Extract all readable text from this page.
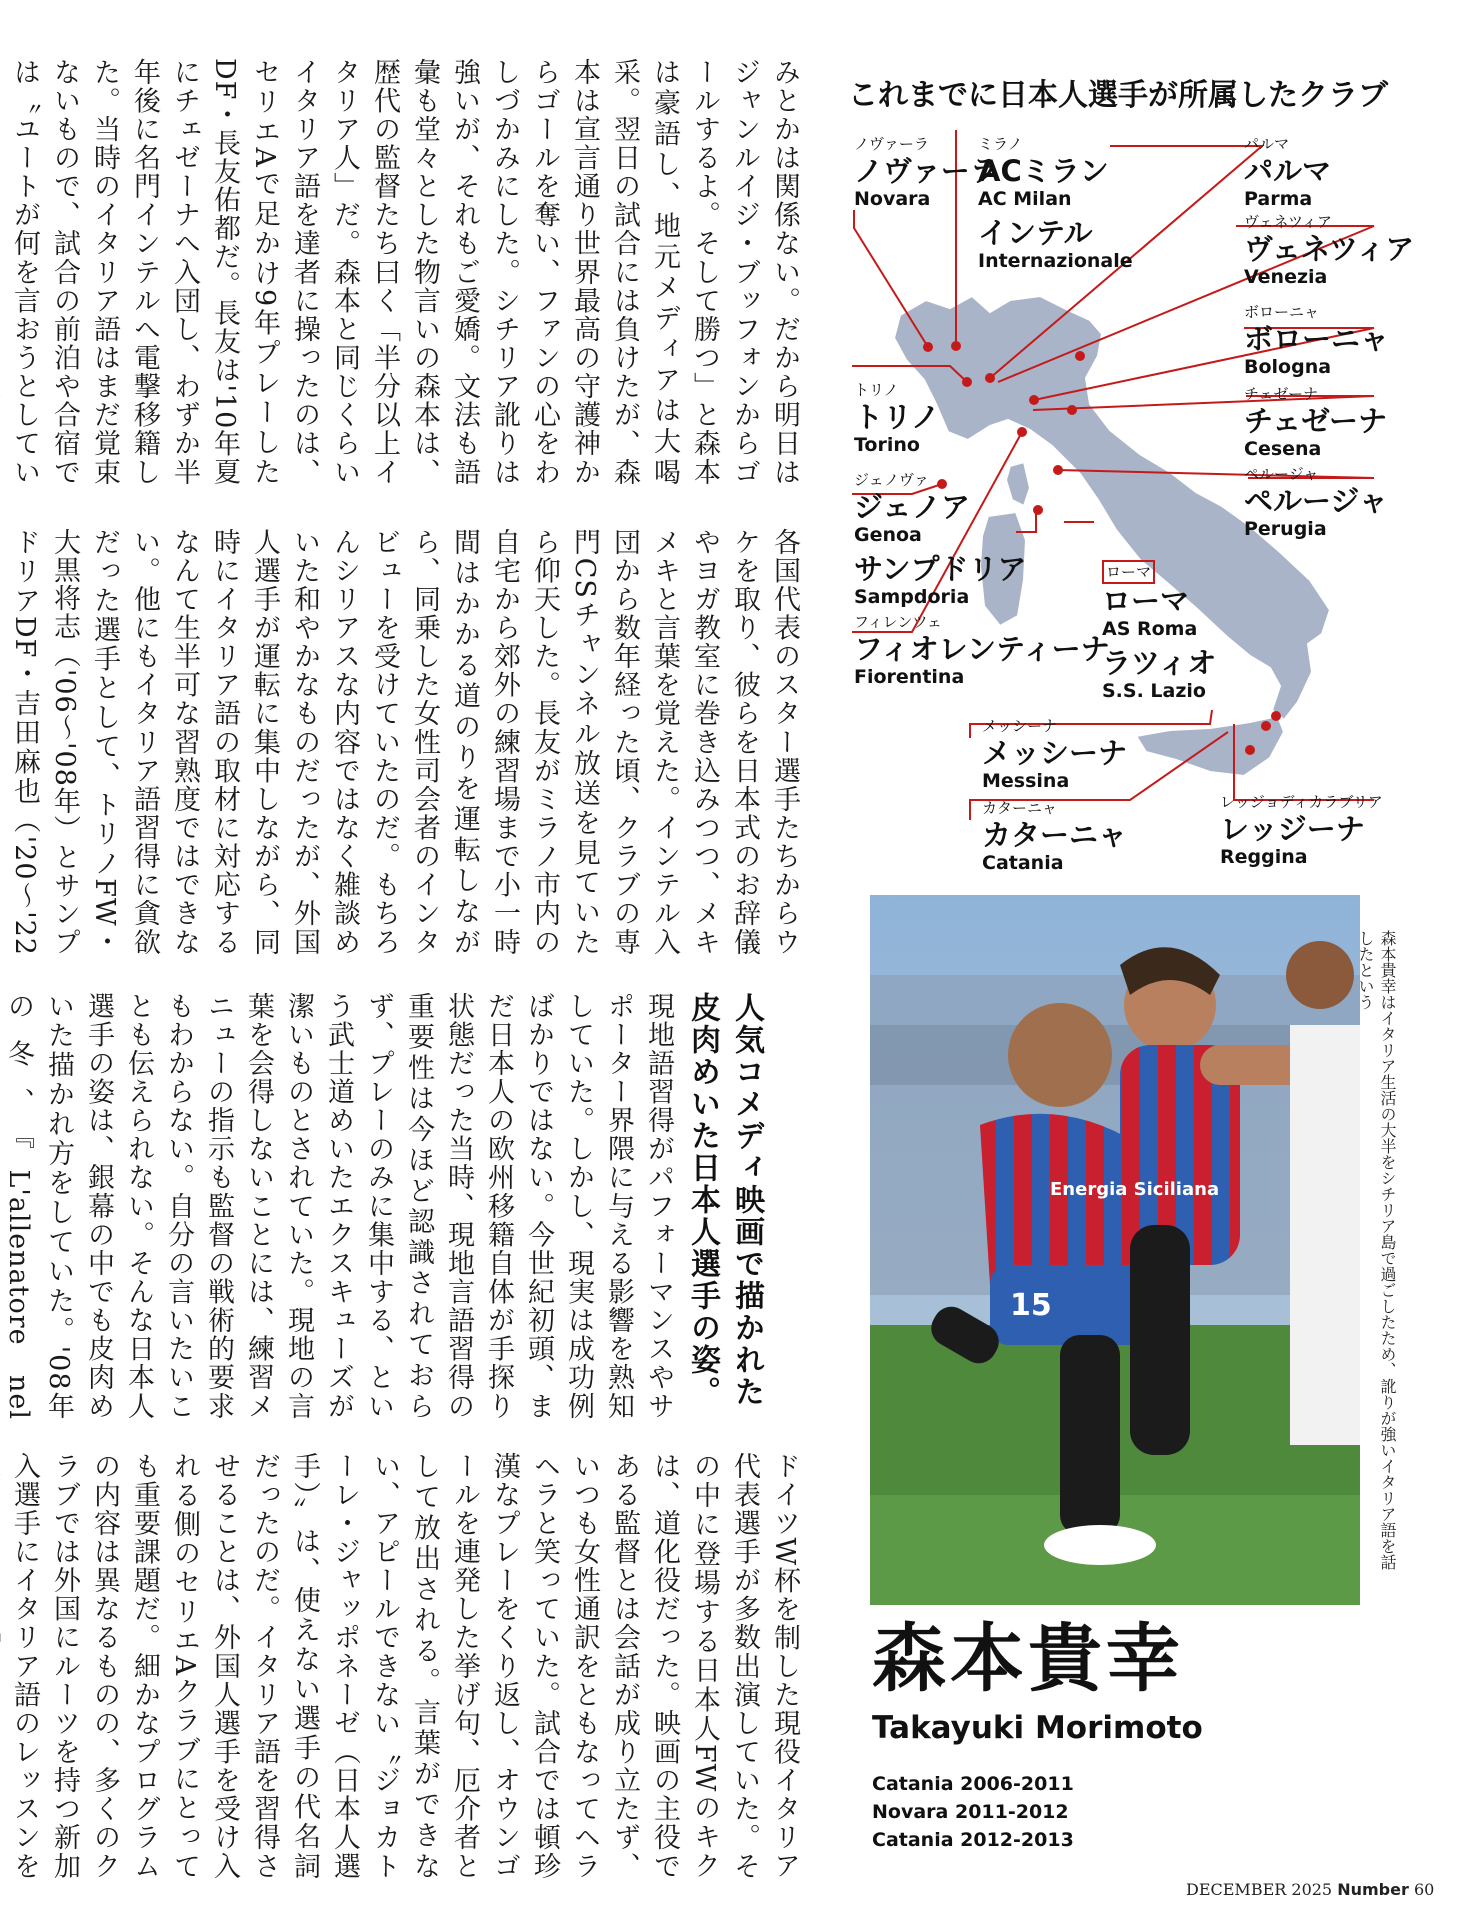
みとかは関係ない。だから明日はジャンルイジ・ブッフォンからゴールするよ。そして勝つ」と森本は豪語し、地元メディアは大喝采。翌日の試合には負けたが、森本は宣言通り世界最高の守護神からゴールを奪い、ファンの心をわしづかみにした。シチリア訛りは強いが、それもご愛嬌。文法も語彙も堂々とした物言いの森本は、歴代の監督たち曰く「半分以上イタリア人」だ。森本と同じくらいイタリア語を達者に操ったのは、セリエAで足かけ9年プレーしたDF・長友佑都だ。長友は'10年夏にチェゼーナへ入団し、わずか半年後に名門インテルへ電撃移籍した。当時のイタリア語はまだ覚束ないもので、試合の前泊や合宿では〝ユートが何を言おうとしてい
各国代表のスター選手たちからウケを取り、彼らを日本式のお辞儀やヨガ教室に巻き込みつつ、メキメキと言葉を覚えた。インテル入団から数年経った頃、クラブの専門CSチャンネル放送を見ていたら仰天した。長友がミラノ市内の自宅から郊外の練習場まで小一時間はかかる道のりを運転しながら、同乗した女性司会者のインタビューを受けていたのだ。もちろんシリアスな内容ではなく雑談めいた和やかなものだったが、外国人選手が運転に集中しながら、同時にイタリア語の取材に対応するなんて生半可な習熟度ではできない。他にもイタリア語習得に貪欲だった選手として、トリノFW・大黒将志（'06～'08年）とサンプドリアDF・吉田麻也（'20～'22
現地語習得がパフォーマンスやサポーター界隈に与える影響を熟知していた。しかし、現実は成功例ばかりではない。今世紀初頭、まだ日本人の欧州移籍自体が手探り状態だった当時、現地言語習得の重要性は今ほど認識されておらず、プレーのみに集中する、という武士道めいたエクスキューズが潔いものとされていた。現地の言葉を会得しないことには、練習メニューの指示も監督の戦術的要求もわからない。自分の言いたいことも伝えられない。そんな日本人選手の姿は、銀幕の中でも皮肉めいた描かれ方をしていた。'08年の冬、『L'allenatore nel	人気コメディ映画で描かれた皮肉めいた日本人選手の姿。
ドイツW杯を制した現役イタリア代表選手が多数出演していた。その中に登場する日本人FWのキクは、道化役だった。映画の主役である監督とは会話が成り立たず、いつも女性通訳をともなってヘラヘラと笑っていた。試合では頓珍漢なプレーをくり返し、オウンゴールを連発した挙げ句、厄介者として放出される。言葉ができない、アピールできない〝ジョカトーレ・ジャッポネーゼ（日本人選手）〟は、使えない選手の代名詞だったのだ。イタリア語を習得させることは、外国人選手を受け入れる側のセリエAクラブにとっても重要課題だ。細かなプログラムの内容は異なるものの、多くのクラブでは外国にルーツを持つ新加入選手にイタリア語のレッスンを
これまでに日本人選手が所属したクラブ
ノヴァーラ
ノヴァーラ
Novara
ミラノ
ACミラン
AC Milan
インテル
Internazionale
パルマ
パルマ
Parma
ヴェネツィア
ヴェネツィア
Venezia
ボローニャ
ボローニャ
Bologna
トリノ
トリノ
Torino
チェゼーナ
チェゼーナ
Cesena
ジェノヴァ
ジェノア
Genoa
サンプドリア
Sampdoria
ペルージャ
ペルージャ
Perugia
ローマ
ローマ
AS Roma
ラツィオ
S.S. Lazio
フィレンツェ
フィオレンティーナ
Fiorentina
メッシーナ
メッシーナ
Messina
カターニャ
カターニャ
Catania
レッジョディカラブリア
レッジーナ
Reggina
Energia Siciliana
15	森本貴幸はイタリア生活の大半をシチリア島で過ごしたため、訛りが強いイタリア語を話したという
森本貴幸
Takayuki Morimoto
Catania 2006-2011
Novara 2011-2012
Catania 2012-2013
DECEMBER 2025 Number 60
